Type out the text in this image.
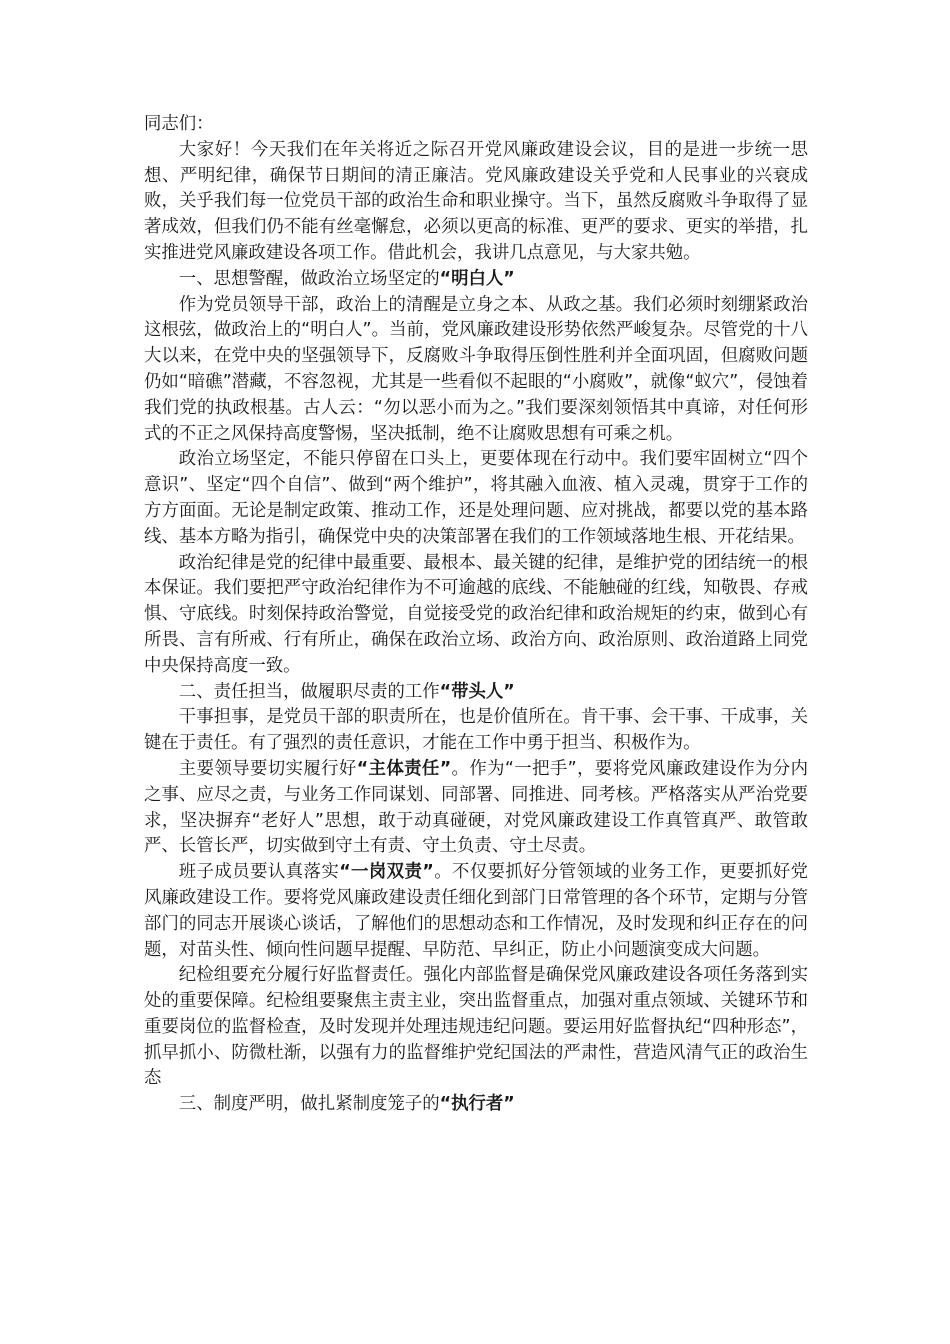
同志们：

大家好！今天我们在年关将近之际召开党风廉政建设会议，目的是进一步统一思想、严明纪律，确保节日期间的清正廉洁。党风廉政建设关乎党和人民事业的兴衰成败，关乎我们每一位党员干部的政治生命和职业操守。当下，虽然反腐败斗争取得了显著成效，但我们仍不能有丝毫懈怠，必须以更高的标准、更严的要求、更实的举措，扎实推进党风廉政建设各项工作。借此机会，我讲几点意见，与大家共勉。

一、思想警醒，做政治立场坚定的“明白人”

作为党员领导干部，政治上的清醒是立身之本、从政之基。我们必须时刻绷紧政治这根弦，做政治上的“明白人”。当前，党风廉政建设形势依然严峻复杂。尽管党的十八大以来，在党中央的坚强领导下，反腐败斗争取得压倒性胜利并全面巩固，但腐败问题仍如“暗礁”潜藏，不容忽视，尤其是一些看似不起眼的“小腐败”，就像“蚁穴”，侵蚀着我们党的执政根基。古人云：“勿以恶小而为之。”我们要深刻领悟其中真谛，对任何形式的不正之风保持高度警惕，坚决抵制，绝不让腐败思想有可乘之机。

政治立场坚定，不能只停留在口头上，更要体现在行动中。我们要牢固树立“四个意识”、坚定“四个自信”、做到“两个维护”，将其融入血液、植入灵魂，贯穿于工作的方方面面。无论是制定政策、推动工作，还是处理问题、应对挑战，都要以党的基本路线、基本方略为指引，确保党中央的决策部署在我们的工作领域落地生根、开花结果。

政治纪律是党的纪律中最重要、最根本、最关键的纪律，是维护党的团结统一的根本保证。我们要把严守政治纪律作为不可逾越的底线、不能触碰的红线，知敬畏、存戒惧、守底线。时刻保持政治警觉，自觉接受党的政治纪律和政治规矩的约束，做到心有所畏、言有所戒、行有所止，确保在政治立场、政治方向、政治原则、政治道路上同党中央保持高度一致。

二、责任担当，做履职尽责的工作“带头人”

干事担事，是党员干部的职责所在，也是价值所在。肯干事、会干事、干成事，关键在于责任。有了强烈的责任意识，才能在工作中勇于担当、积极作为。

主要领导要切实履行好“主体责任”。作为“一把手”，要将党风廉政建设作为分内之事、应尽之责，与业务工作同谋划、同部署、同推进、同考核。严格落实从严治党要求，坚决摒弃“老好人”思想，敢于动真碰硬，对党风廉政建设工作真管真严、敢管敢严、长管长严，切实做到守土有责、守土负责、守土尽责。

班子成员要认真落实“一岗双责”。不仅要抓好分管领域的业务工作，更要抓好党风廉政建设工作。要将党风廉政建设责任细化到部门日常管理的各个环节，定期与分管部门的同志开展谈心谈话，了解他们的思想动态和工作情况，及时发现和纠正存在的问题，对苗头性、倾向性问题早提醒、早防范、早纠正，防止小问题演变成大问题。

纪检组要充分履行好监督责任。强化内部监督是确保党风廉政建设各项任务落到实处的重要保障。纪检组要聚焦主责主业，突出监督重点，加强对重点领域、关键环节和重要岗位的监督检查，及时发现并处理违规违纪问题。要运用好监督执纪“四种形态”，抓早抓小、防微杜渐，以强有力的监督维护党纪国法的严肃性，营造风清气正的政治生态

三、制度严明，做扎紧制度笼子的“执行者”
